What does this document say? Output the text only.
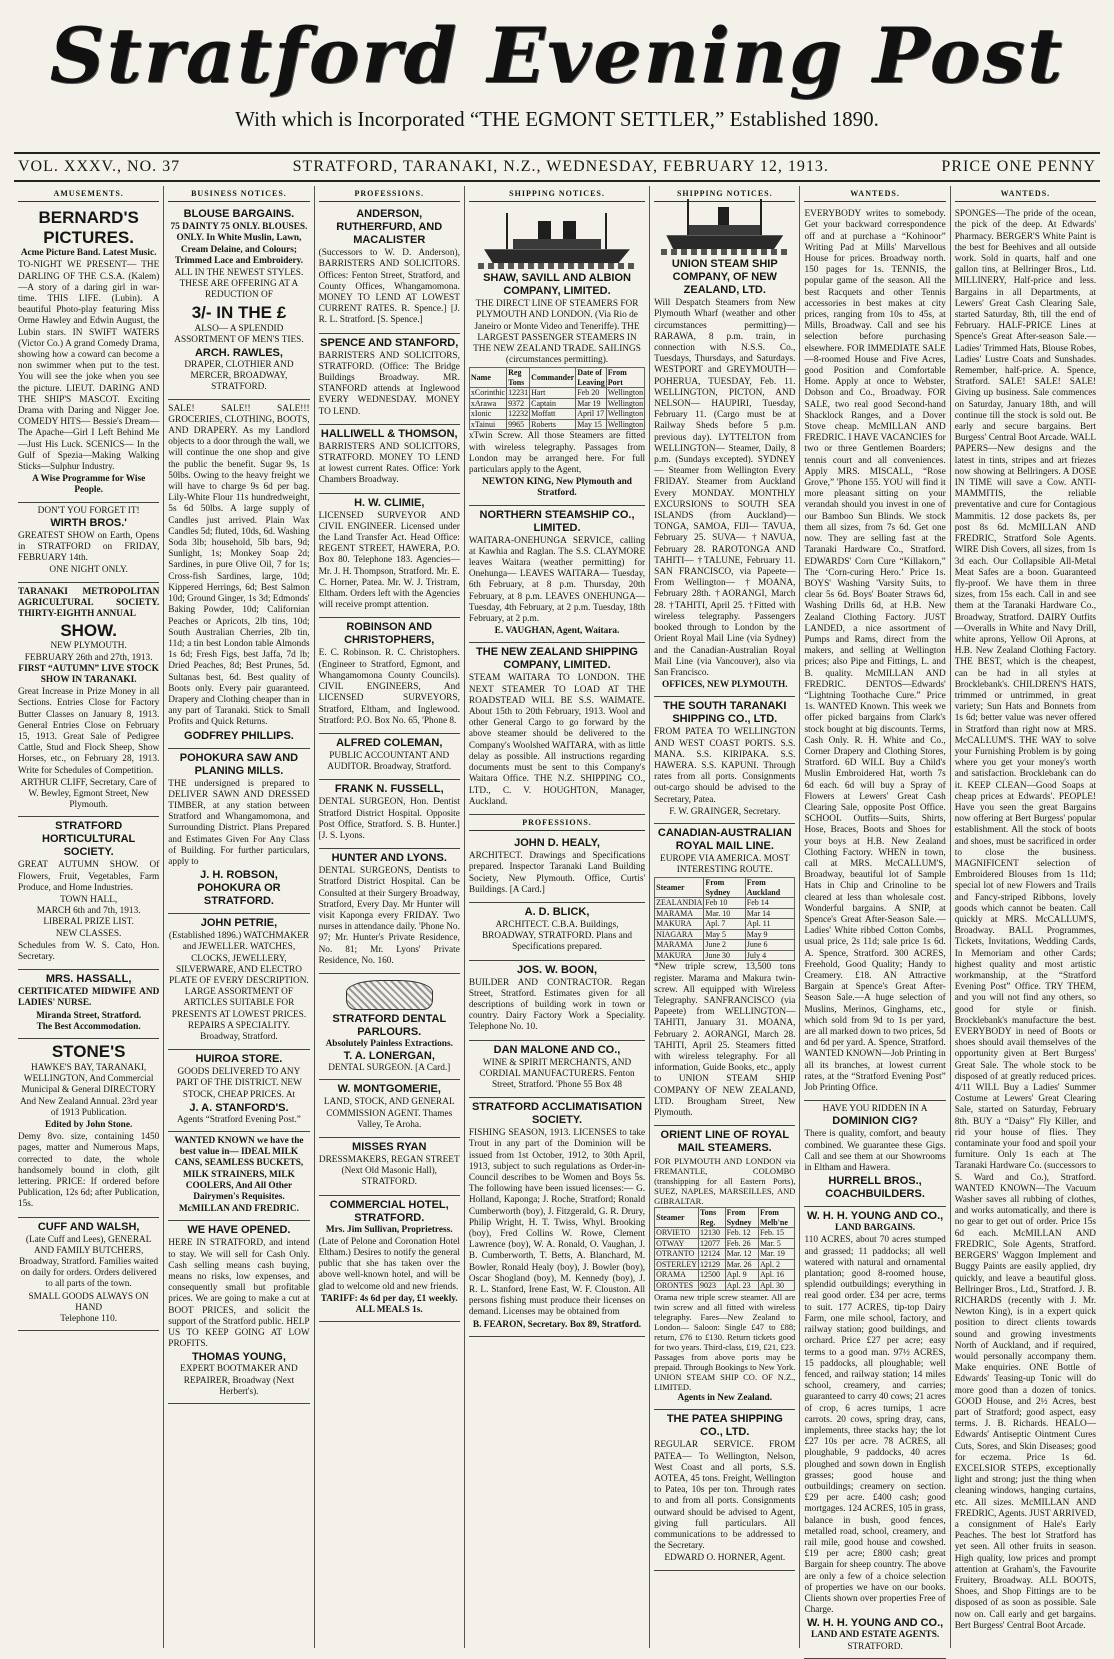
Stratford Evening Post
With which is Incorporated “THE EGMONT SETTLER,” Established 1890.
VOL. XXXV., NO. 37	STRATFORD, TARANAKI, N.Z., WEDNESDAY, FEBRUARY 12, 1913.	PRICE ONE PENNY
AMUSEMENTS.
BERNARD'S PICTURES.
Acme Picture Band. Latest Music.

TO-NIGHT WE PRESENT— THE DARLING OF THE C.S.A. (Kalem)—A story of a daring girl in war-time. THIS LIFE. (Lubin). A beautiful Photo-play featuring Miss Orme Hawley and Edwin August, the Lubin stars. IN SWIFT WATERS (Victor Co.) A grand Comedy Drama, showing how a coward can become a non swimmer when put to the test. You will see the joke when you see the picture. LIEUT. DARING AND THE SHIP'S MASCOT. Exciting Drama with Daring and Nigger Joe. COMEDY HITS— Bessie's Dream—The Apache—Girl I Left Behind Me—Just His Luck. SCENICS— In the Gulf of Spezia—Making Walking Sticks—Sulphur Industry.

A Wise Programme for Wise People.
DON'T YOU FORGET IT!
WIRTH BROS.'

GREATEST SHOW on Earth, Opens in STRATFORD on FRIDAY, FEBRUARY 14th.

ONE NIGHT ONLY.

TARANAKI METROPOLITAN AGRICULTURAL SOCIETY. THIRTY-EIGHTH ANNUAL

SHOW.
NEW PLYMOUTH.
FEBRUARY 26th and 27th, 1913.
FIRST “AUTUMN” LIVE STOCK SHOW IN TARANAKI.

Great Increase in Prize Money in all Sections. Entries Close for Factory Butter Classes on January 8, 1913. General Entries Close on February 15, 1913. Great Sale of Pedigree Cattle, Stud and Flock Sheep, Show Horses, etc., on February 28, 1913. Write for Schedules of Competition.

ARTHUR CLIFF, Secretary, Care of W. Bewley, Egmont Street, New Plymouth.
STRATFORD HORTICULTURAL SOCIETY.

GREAT AUTUMN SHOW. Of Flowers, Fruit, Vegetables, Farm Produce, and Home Industries.

TOWN HALL,
MARCH 6th and 7th, 1913.
LIBERAL PRIZE LIST.
NEW CLASSES.

Schedules from W. S. Cato, Hon. Secretary.

MRS. HASSALL,

CERTIFICATED MIDWIFE AND LADIES' NURSE.

Miranda Street, Stratford.
The Best Accommodation.
STONE'S

HAWKE'S BAY, TARANAKI, WELLINGTON, And Commercial Municipal & General DIRECTORY And New Zealand Annual. 23rd year of 1913 Publication.

Edited by John Stone.

Demy 8vo. size, containing 1450 pages, matter and Numerous Maps, corrected to date, the whole handsomely bound in cloth, gilt lettering. PRICE: If ordered before Publication, 12s 6d; after Publication, 15s.

CUFF AND WALSH,

(Late Cuff and Lees), GENERAL AND FAMILY BUTCHERS, Broadway, Stratford. Families waited on daily for orders. Orders delivered to all parts of the town.

SMALL GOODS ALWAYS ON HAND
Telephone 110.
BUSINESS NOTICES.
BLOUSE BARGAINS.

75 DAINTY 75 ONLY. BLOUSES. ONLY. In White Muslin, Lawn, Cream Delaine, and Colours; Trimmed Lace and Embroidery.

ALL IN THE NEWEST STYLES. THESE ARE OFFERING AT A REDUCTION OF

3/- IN THE £

ALSO— A SPLENDID ASSORTMENT OF MEN'S TIES.

ARCH. RAWLES,
DRAPER, CLOTHIER AND MERCER, BROADWAY, STRATFORD.

SALE! SALE!! SALE!!! GROCERIES, CLOTHING, BOOTS, AND DRAPERY. As my Landlord objects to a door through the wall, we will continue the one shop and give the public the benefit. Sugar 9s, 1s 50lbs. Owing to the heavy freight we will have to charge 9s 6d per bag. Lily-White Flour 11s hundredweight, 5s 6d 50lbs. A large supply of Candles just arrived. Plain Wax Candles 5d; fluted, 10ds, 6d. Washing Soda 3lb; household, 5lb bars, 9d; Sunlight, 1s; Monkey Soap 2d; Sardines, in pure Olive Oil, 7 for 1s; Cross-fish Sardines, large, 10d; Kippered Herrings, 6d; Best Salmon 10d; Ground Ginger, 1s 3d; Edmonds' Baking Powder, 10d; Californian Peaches or Apricots, 2lb tins, 10d; South Australian Cherries, 2lb tin, 11d; a tin best London table Almonds 1s 6d; Fresh Figs, best Jaffa, 7d lb; Dried Peaches, 8d; Best Prunes, 5d. Sultanas best, 6d. Best quality of Boots only. Every pair guaranteed. Drapery and Clothing cheaper than in any part of Taranaki. Stick to Small Profits and Quick Returns.

GODFREY PHILLIPS.
POHOKURA SAW AND PLANING MILLS.

THE undersigned is prepared to DELIVER SAWN AND DRESSED TIMBER, at any station between Stratford and Whangamomona, and Surrounding District. Plans Prepared and Estimates Given For Any Class of Building. For further particulars, apply to

J. H. ROBSON, POHOKURA OR STRATFORD.
JOHN PETRIE,

(Established 1896.) WATCHMAKER and JEWELLER. WATCHES, CLOCKS, JEWELLERY, SILVERWARE, AND ELECTRO PLATE OF EVERY DESCRIPTION. LARGE ASSORTMENT OF ARTICLES SUITABLE FOR PRESENTS AT LOWEST PRICES. REPAIRS A SPECIALITY. Broadway, Stratford.

HUIROA STORE.

GOODS DELIVERED TO ANY PART OF THE DISTRICT. NEW STOCK, CHEAP PRICES. At

J. A. STANFORD'S.
Agents “Stratford Evening Post.”

WANTED KNOWN we have the best value in— IDEAL MILK CANS, SEAMLESS BUCKETS, MILK STRAINERS, MILK COOLERS, And All Other Dairymen's Requisites.

McMILLAN AND FREDRIC.
WE HAVE OPENED.

HERE IN STRATFORD, and intend to stay. We will sell for Cash Only. Cash selling means cash buying, means no risks, low expenses, and consequently small but profitable prices. We are going to make a cut at BOOT PRICES, and solicit the support of the Stratford public. HELP US TO KEEP GOING AT LOW PROFITS.

THOMAS YOUNG,
EXPERT BOOTMAKER AND REPAIRER, Broadway (Next Herbert's).
PROFESSIONS.
ANDERSON, RUTHERFURD, AND MACALISTER

(Successors to W. D. Anderson), BARRISTERS AND SOLICITORS. Offices: Fenton Street, Stratford, and County Offices, Whangamomona. MONEY TO LEND AT LOWEST CURRENT RATES. R. Spence.] [J. R. L. Stratford. [S. Spence.]

SPENCE AND STANFORD,

BARRISTERS AND SOLICITORS, STRATFORD. (Office: The Bridge Buildings Broadway. MR. STANFORD attends at Inglewood EVERY WEDNESDAY. MONEY TO LEND.

HALLIWELL & THOMSON,

BARRISTERS AND SOLICITORS, STRATFORD. MONEY TO LEND at lowest current Rates. Office: York Chambers Broadway.

H. W. CLIMIE,

LICENSED SURVEYOR AND CIVIL ENGINEER. Licensed under the Land Transfer Act. Head Office: REGENT STREET, HAWERA, P.O. Box 80. Telephone 183. Agencies— Mr. J. H. Thompson, Stratford. Mr. E. C. Horner, Patea. Mr. W. J. Tristram, Eltham. Orders left with the Agencies will receive prompt attention.

ROBINSON AND CHRISTOPHERS,

E. C. Robinson. R. C. Christophers. (Engineer to Stratford, Egmont, and Whangamomona County Councils). CIVIL ENGINEERS, And LICENSED SURVEYORS, Stratford, Eltham, and Inglewood. Stratford: P.O. Box No. 65, 'Phone 8.

ALFRED COLEMAN,

PUBLIC ACCOUNTANT AND AUDITOR. Broadway, Stratford.

FRANK N. FUSSELL,

DENTAL SURGEON, Hon. Dentist Stratford District Hospital. Opposite Post Office, Stratford. S. B. Hunter.] [J. S. Lyons.

HUNTER AND LYONS.

DENTAL SURGEONS, Dentists to Stratford District Hospital. Can be Consulted at their Surgery Broadway, Stratford, Every Day. Mr Hunter will visit Kaponga every FRIDAY. Two nurses in attendance daily. 'Phone No. 97; Mr. Hunter's Private Residence, No. 81; Mr. Lyons' Private Residence, No. 160.

STRATFORD DENTAL PARLOURS.
Absolutely Painless Extractions.
T. A. LONERGAN,
DENTAL SURGEON. [A Card.]
W. MONTGOMERIE,

LAND, STOCK, AND GENERAL COMMISSION AGENT. Thames Valley, Te Aroha.

MISSES RYAN

DRESSMAKERS, REGAN STREET (Next Old Masonic Hall), STRATFORD.

COMMERCIAL HOTEL, STRATFORD.
Mrs. Jim Sullivan, Proprietress.

(Late of Pelone and Coronation Hotel Eltham.) Desires to notify the general public that she has taken over the above well-known hotel, and will be glad to welcome old and new friends.

TARIFF: 4s 6d per day, £1 weekly. ALL MEALS 1s.
SHIPPING NOTICES.
SHAW, SAVILL AND ALBION COMPANY, LIMITED.

THE DIRECT LINE OF STEAMERS FOR PLYMOUTH AND LONDON. (Via Rio de Janeiro or Monte Video and Teneriffe). THE LARGEST PASSENGER STEAMERS IN THE NEW ZEALAND TRADE. SAILINGS (circumstances permitting).

Name	Reg Tons	Commander	Date of Leaving	From Port
xCorinthic	12231	Hart	Feb 20	Wellington
xArawa	9372	Captain	Mar 19	Wellington
xIonic	12232	Moffatt	April 17	Wellington
xTainui	9965	Roberts	May 15	Wellington

xTwin Screw. All those Steamers are fitted with wireless telegraphy. Passages from London may be arranged here. For full particulars apply to the Agent,

NEWTON KING, New Plymouth and Stratford.
NORTHERN STEAMSHIP CO., LIMITED.

WAITARA-ONEHUNGA SERVICE, calling at Kawhia and Raglan. The S.S. CLAYMORE leaves Waitara (weather permitting) for Onehunga— LEAVES WAITARA— Tuesday, 6th February, at 8 p.m. Thursday, 20th February, at 8 p.m. LEAVES ONEHUNGA— Tuesday, 4th February, at 2 p.m. Tuesday, 18th February, at 2 p.m.

E. VAUGHAN, Agent, Waitara.
THE NEW ZEALAND SHIPPING COMPANY, LIMITED.

STEAM WAITARA TO LONDON. THE NEXT STEAMER TO LOAD AT THE ROADSTEAD WILL BE S.S. WAIMATE. About 15th to 20th February, 1913. Wool and other General Cargo to go forward by the above steamer should be delivered to the Company's Woolshed WAITARA, with as little delay as possible. All instructions regarding documents must be sent to this Company's Waitara Office. THE N.Z. SHIPPING CO., LTD., C. V. HOUGHTON, Manager, Auckland.

PROFESSIONS.
JOHN D. HEALY,

ARCHITECT. Drawings and Specifications prepared. Inspector Taranaki Land Building Society, New Plymouth. Office, Curtis' Buildings. [A Card.]

A. D. BLICK,

ARCHITECT. C.B.A. Buildings, BROADWAY, STRATFORD. Plans and Specifications prepared.

JOS. W. BOON,

BUILDER AND CONTRACTOR. Regan Street, Stratford. Estimates given for all descriptions of building work in town or country. Dairy Factory Work a Speciality. Telephone No. 10.

DAN MALONE AND CO.,

WINE & SPIRIT MERCHANTS, AND CORDIAL MANUFACTURERS. Fenton Street, Stratford. 'Phone 55 Box 48

STRATFORD ACCLIMATISATION SOCIETY.

FISHING SEASON, 1913. LICENSES to take Trout in any part of the Dominion will be issued from 1st October, 1912, to 30th April, 1913, subject to such regulations as Order-in-Council describes to be Women and Boys 5s. The following have been issued licenses:— G. Holland, Kaponga; J. Roche, Stratford; Ronald Cumberworth (boy), J. Fitzgerald, G. R. Drury, Philip Wright, H. T. Twiss, Whyl. Brooking (boy), Fred Collins W. Rowe, Clement Lawrence (boy), W. A. Ronald, O. Vaughan, J. B. Cumberworth, T. Betts, A. Blanchard, M. Bowler, Ronald Healy (boy), J. Bowler (boy), Oscar Shogland (boy), M. Kennedy (boy), J. R. L. Stanford, Irene East, W. F. Clouston. All persons fishing must produce their licenses on demand. Licenses may be obtained from

B. FEARON, Secretary. Box 89, Stratford.
SHIPPING NOTICES.
UNION STEAM SHIP COMPANY, OF NEW ZEALAND, LTD.

Will Despatch Steamers from New Plymouth Wharf (weather and other circumstances permitting)— RARAWA, 8 p.m. train, in connection with N.S.S. Co., Tuesdays, Thursdays, and Saturdays. WESTPORT and GREYMOUTH— POHERUA, TUESDAY, Feb. 11. WELLINGTON, PICTON, AND NELSON— HAUPIRI, Tuesday, February 11. (Cargo must be at Railway Sheds before 5 p.m. previous day). LYTTELTON from WELLINGTON— Steamer, Daily, 8 p.m. (Sundays excepted). SYDNEY— Steamer from Wellington Every FRIDAY. Steamer from Auckland Every MONDAY. MONTHLY EXCURSIONS to SOUTH SEA ISLANDS (from Auckland)— TONGA, SAMOA, FIJI— TAVUA, February 25. SUVA— †NAVUA, February 28. RAROTONGA AND TAHITI— †TALUNE, February 11. SAN FRANCISCO, via Papeete— From Wellington— †MOANA, February 28th. †AORANGI, March 28. †TAHITI, April 25. †Fitted with wireless telegraphy. Passengers booked through to London by the Orient Royal Mail Line (via Sydney) and the Canadian-Australian Royal Mail Line (via Vancouver), also via San Francisco.

OFFICES, NEW PLYMOUTH.
THE SOUTH TARANAKI SHIPPING CO., LTD.

FROM PATEA TO WELLINGTON AND WEST COAST PORTS. S.S. MANA. S.S. KIRIPAKA. S.S. HAWERA. S.S. KAPUNI. Through rates from all ports. Consignments out-cargo should be advised to the Secretary, Patea.

F. W. GRAINGER, Secretary.
CANADIAN-AUSTRALIAN ROYAL MAIL LINE.

EUROPE VIA AMERICA. MOST INTERESTING ROUTE.

Steamer	From Sydney	From Auckland
ZEALANDIA	Feb 10	Feb 14
MARAMA	Mar. 10	Mar 14
MAKURA	Apl. 7	Apl. 11
NIAGARA	May 5	May 9
MARAMA	June 2	June 6
MAKURA	June 30	July 4

*New triple screw, 13,500 tons register. Marama and Makura twin-screw. All equipped with Wireless Telegraphy. SANFRANCISCO (via Papeete) from WELLINGTON— TAHITI, January 31. MOANA, February 2. AORANGI, March 28. TAHITI, April 25. Steamers fitted with wireless telegraphy. For all information, Guide Books, etc., apply to UNION STEAM SHIP COMPANY OF NEW ZEALAND, LTD. Brougham Street, New Plymouth.

ORIENT LINE OF ROYAL MAIL STEAMERS.

FOR PLYMOUTH AND LONDON via FREMANTLE, COLOMBO (transhipping for all Eastern Ports), SUEZ, NAPLES, MARSEILLES, AND GIBRALTAR.

Steamer	Tons Reg.	From Sydney	From Melb'ne
ORVIETO	12130	Feb. 12	Feb. 15
OTWAY	12077	Feb. 26	Mar. 5
OTRANTO	12124	Mar. 12	Mar. 19
OSTERLEY	12129	Mar. 26	Apl. 2
ORAMA	12500	Apl. 9	Apl. 16
ORONTES	9023	Apl. 23	Apl. 30

Orama new triple screw steamer. All are twin screw and all fitted with wireless telegraphy. Fares—New Zealand to London— Saloon: Single £47 to £88; return, £76 to £130. Return tickets good for two years. Third-class, £19, £21, £23. Passages from above ports may be prepaid. Through Bookings to New York. UNION STEAM SHIP CO. OF N.Z., LIMITED.

Agents in New Zealand.
THE PATEA SHIPPING CO., LTD.

REGULAR SERVICE. FROM PATEA— To Wellington, Nelson, West Coast and all ports, S.S. AOTEA, 45 tons. Freight, Wellington to Patea, 10s per ton. Through rates to and from all ports. Consignments outward should be advised to Agent, giving full particulars. All communications to be addressed to the Secretary.

EDWARD O. HORNER, Agent.
WANTEDS.

EVERYBODY writes to somebody. Get your backward correspondence off and at purchase a “Kohinoor” Writing Pad at Mills' Marvellous House for prices. Broadway north. 150 pages for 1s. TENNIS, the popular game of the season. All the best Racquets and other Tennis accessories in best makes at city prices, ranging from 10s to 45s, at Mills, Broadway. Call and see his selection before purchasing elsewhere. FOR IMMEDIATE SALE—8-roomed House and Five Acres, good Position and Comfortable Home. Apply at once to Webster, Dobson and Co., Broadway. FOR SALE, two real good Second-hand Shacklock Ranges, and a Dover Stove cheap. McMILLAN AND FREDRIC. I HAVE VACANCIES for two or three Gentlemen Boarders; tennis court and all conveniences. Apply MRS. MISCALL, “Rose Grove,” 'Phone 155. YOU will find it more pleasant sitting on your verandah should you invest in one of our Bamboo Sun Blinds. We stock them all sizes, from 7s 6d. Get one now. They are selling fast at the Taranaki Hardware Co., Stratford. EDWARDS' Corn Cure “Killakorn,” The ‘Corn-curing Hero.’ Price 1s. BOYS' Washing 'Varsity Suits, to clear 5s 6d. Boys' Boater Straws 6d, Washing Drills 6d, at H.B. New Zealand Clothing Factory. JUST LANDED, a nice assortment of Pumps and Rams, direct from the makers, and selling at Wellington prices; also Pipe and Fittings, L. and B. quality. McMILLAN AND FREDRIC. DENTOS—Edwards' “Lightning Toothache Cure.” Price 1s. WANTED Known. This week we offer picked bargains from Clark's stock bought at big discounts. Terms, Cash Only. R. H. White and Co., Corner Drapery and Clothing Stores, Stratford. 6D WILL Buy a Child's Muslin Embroidered Hat, worth 7s 6d each. 6d will buy a Spray of Flowers at Lewers' Great Cash Clearing Sale, opposite Post Office. SCHOOL Outfits—Suits, Shirts, Hose, Braces, Boots and Shoes for your boys at H.B. New Zealand Clothing Factory. WHEN in town, call at MRS. McCALLUM'S, Broadway, beautiful lot of Sample Hats in Chip and Crinoline to be cleared at less than wholesale cost. Wonderful bargains. A SNIP, at Spence's Great After-Season Sale.—Ladies' White ribbed Cotton Combs, usual price, 2s 11d; sale price 1s 6d. A. Spence, Stratford. 300 ACRES, Freehold, Good Quality; Handy to Creamery. £18. AN Attractive Bargain at Spence's Great After-Season Sale.—A huge selection of Muslins, Merinos, Ginghams, etc., which sold from 9d to 1s per yard, are all marked down to two prices, 5d and 6d per yard. A. Spence, Stratford. WANTED KNOWN—Job Printing in all its branches, at lowest current rates, at the “Stratford Evening Post” Job Printing Office.

HAVE YOU RIDDEN IN A
DOMINION CIG?

There is quality, comfort, and beauty combined. We guarantee these Gigs. Call and see them at our Showrooms in Eltham and Hawera.

HURRELL BROS., COACHBUILDERS.
W. H. H. YOUNG AND CO.,
LAND BARGAINS.

110 ACRES, about 70 acres stumped and grassed; 11 paddocks; all well watered with natural and ornamental plantation; good 8-roomed house, splendid outbuildings; everything in real good order. £34 per acre, terms to suit. 177 ACRES, tip-top Dairy Farm, one mile school, factory, and railway station; good buildings, and orchard. Price £27 per acre; easy terms to a good man. 97½ ACRES, 15 paddocks, all ploughable; well fenced, and railway station; 14 miles school, creamery, and carries; guaranteed to carry 40 cows; 21 acres of crop, 6 acres turnips, 1 acre carrots. 20 cows, spring dray, cans, implements, three stacks hay; the lot £27 10s per acre. 78 ACRES, all ploughable, 9 paddocks, 40 acres ploughed and sown down in English grasses; good house and outbuildings; creamery on section. £29 per acre. £400 cash; good mortgages. 124 ACRES, 105 in grass, balance in bush, good fences, metalled road, school, creamery, and rail mile, good house and cowshed. £19 per acre; £800 cash; great Bargain for sheep country. The above are only a few of a choice selection of properties we have on our books. Clients shown over properties Free of Charge.

W. H. H. YOUNG AND CO.,
LAND AND ESTATE AGENTS.
STRATFORD.
WANTEDS.

SPONGES—The pride of the ocean, the pick of the deep. At Edwards' Pharmacy. BERGER'S White Paint is the best for Beehives and all outside work. Sold in quarts, half and one gallon tins, at Bellringer Bros., Ltd. MILLINERY, Half-price and less. Bargains in all Departments, at Lewers' Great Cash Clearing Sale, started Saturday, 8th, till the end of February. HALF-PRICE Lines at Spence's Great After-season Sale.—Ladies' Trimmed Hats, Blouse Robes, Ladies' Lustre Coats and Sunshades. Remember, half-price. A. Spence, Stratford. SALE! SALE! SALE! Giving up business. Sale commences on Saturday, January 18th, and will continue till the stock is sold out. Be early and secure bargains. Bert Burgess' Central Boot Arcade. WALL PAPERS—New designs and the latest in tints, stripes and art friezes now showing at Bellringers. A DOSE IN TIME will save a Cow. ANTI-MAMMITIS, the reliable preventative and cure for Contagious Mammitis. 12 dose packets 8s, per post 8s 6d. McMILLAN AND FREDRIC, Stratford Sole Agents. WIRE Dish Covers, all sizes, from 1s 3d each. Our Collapsible All-Metal Meat Safes are a boon. Guaranteed fly-proof. We have them in three sizes, from 15s each. Call in and see them at the Taranaki Hardware Co., Broadway, Stratford. DAIRY Outfits—Overalls in White and Navy Drill, white aprons, Yellow Oil Aprons, at H.B. New Zealand Clothing Factory. THE BEST, which is the cheapest, can be had in all styles at Brocklebank's. CHILDREN'S HATS, trimmed or untrimmed, in great variety; Sun Hats and Bonnets from 1s 6d; better value was never offered in Stratford than right now at MRS. McCALLUM'S. THE WAY to solve your Furnishing Problem is by going where you get your money's worth and satisfaction. Brocklebank can do it. KEEP CLEAN—Good Soaps at cheap prices at Edwards'. PEOPLE! Have you seen the great Bargains now offering at Bert Burgess' popular establishment. All the stock of boots and shoes, must be sacrificed in order to close the business. MAGNIFICENT selection of Embroidered Blouses from 1s 11d; special lot of new Flowers and Trails and Fancy-striped Ribbons, lovely goods which cannot be beaten. Call quickly at MRS. McCALLUM'S, Broadway. BALL Programmes, Tickets, Invitations, Wedding Cards, In Memoriam and other Cards; highest quality and most artistic workmanship, at the “Stratford Evening Post” Office. TRY THEM, and you will not find any others, so good for style or finish. Brocklebank's manufacture the best. EVERYBODY in need of Boots or shoes should avail themselves of the opportunity given at Bert Burgess' Great Sale. The whole stock to be disposed of at greatly reduced prices. 4/11 WILL Buy a Ladies' Summer Costume at Lewers' Great Clearing Sale, started on Saturday, February 8th. BUY a “Daisy” Fly Killer, and rid your house of flies. They contaminate your food and spoil your furniture. Only 1s each at The Taranaki Hardware Co. (successors to S. Ward and Co.), Stratford. WANTED KNOWN—The Vacuum Washer saves all rubbing of clothes, and works automatically, and there is no gear to get out of order. Price 15s 6d each. McMILLAN AND FREDRIC, Sole Agents, Stratford. BERGERS' Waggon Implement and Buggy Paints are easily applied, dry quickly, and leave a beautiful gloss. Bellringer Bros., Ltd., Stratford. J. B. RICHARDS (recently with J. Mr. Newton King), is in a expert quick position to direct clients towards sound and growing investments North of Auckland, and if required, would personally accompany them. Make enquiries. ONE Bottle of Edwards' Teasing-up Tonic will do more good than a dozen of tonics. GOOD House, and 2½ Acres, best part of Stratford; good aspect, easy terms. J. B. Richards. HEALO—Edwards' Antiseptic Ointment Cures Cuts, Sores, and Skin Diseases; good for eczema. Price 1s 6d. EXCELSIOR STEPS, exceptionally light and strong; just the thing when cleaning windows, hanging curtains, etc. All sizes. McMILLAN AND FREDRIC, Agents. JUST ARRIVED, a consignment of Hale's Early Peaches. The best lot Stratford has yet seen. All other fruits in season. High quality, low prices and prompt attention at Graham's, the Favourite Fruitery, Broadway. ALL BOOTS, Shoes, and Shop Fittings are to be disposed of as soon as possible. Sale now on. Call early and get bargains. Bert Burgess' Central Boot Arcade.
